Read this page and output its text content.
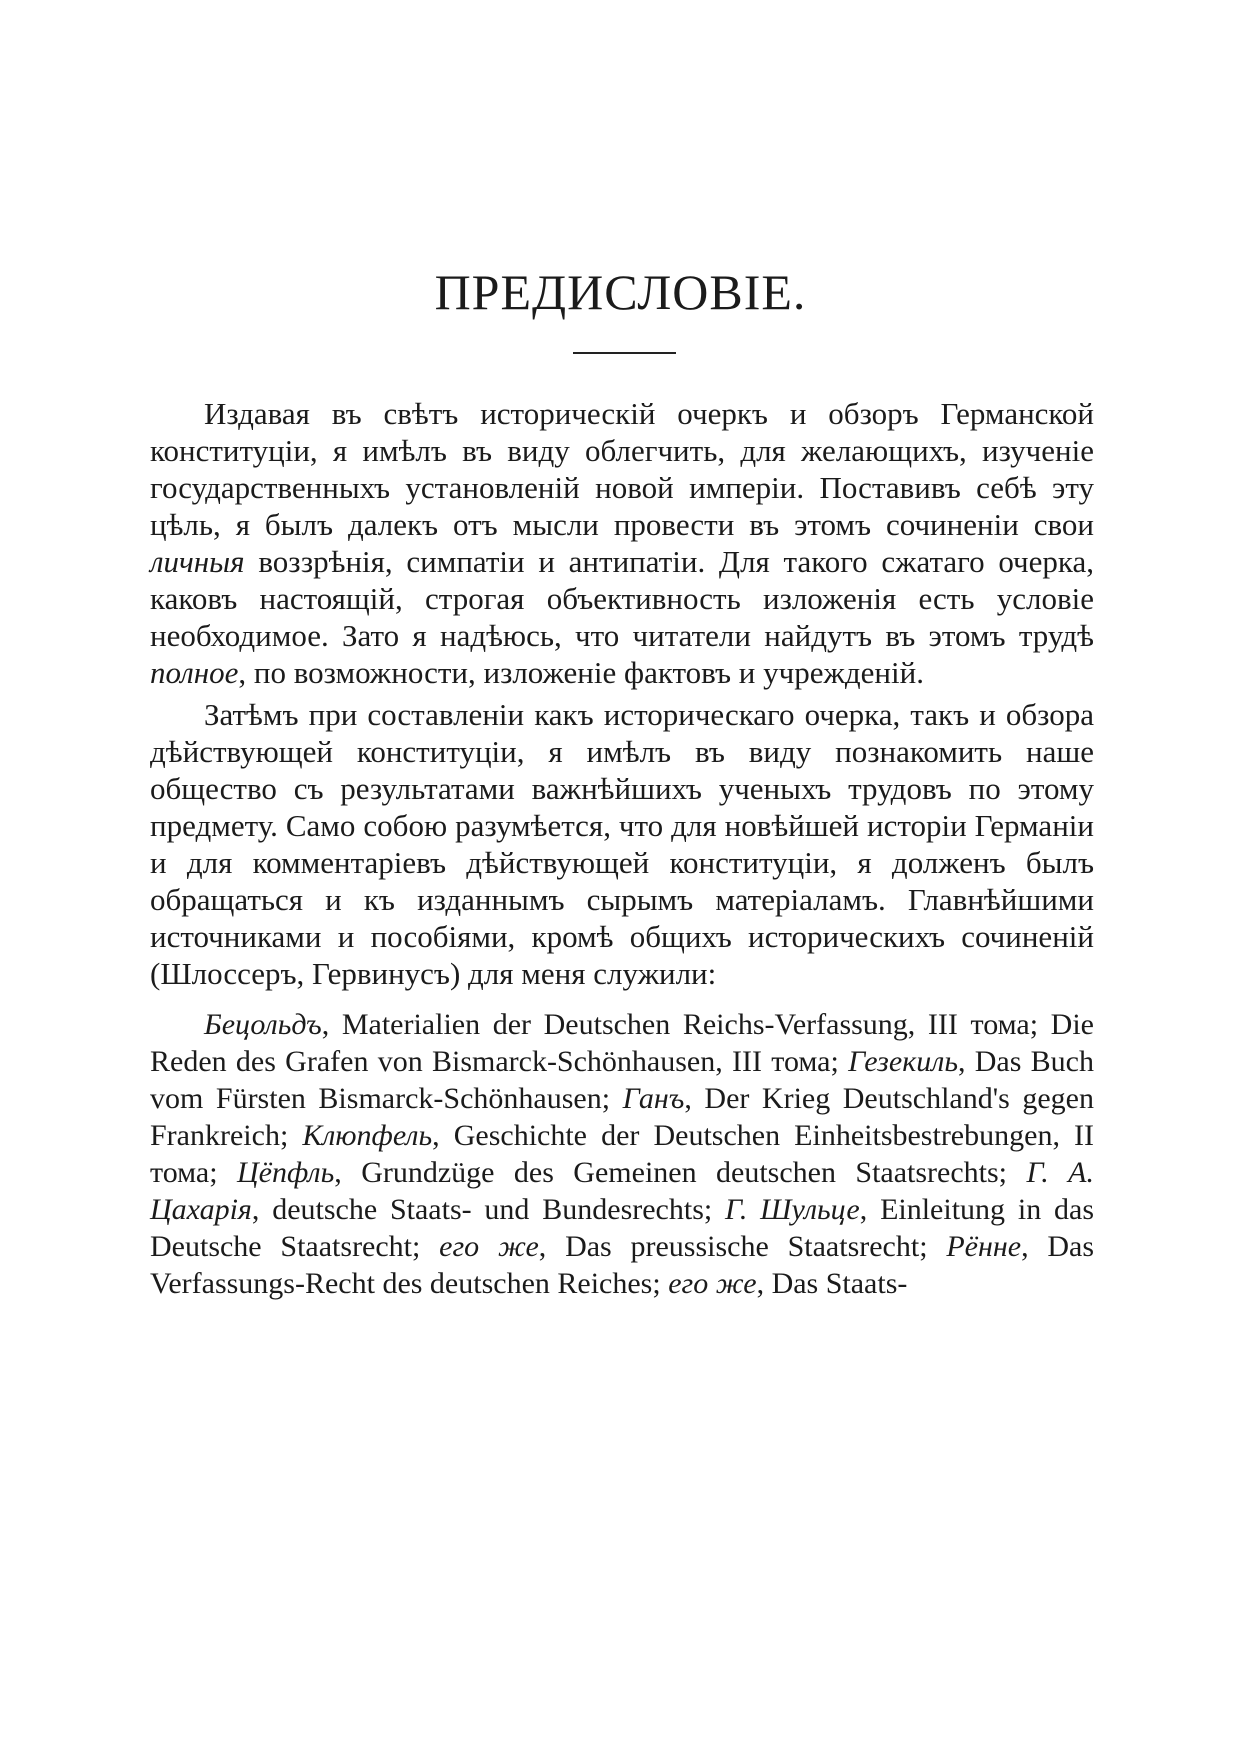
ПРЕДИСЛОВІЕ.

Издавая въ свѣтъ историческій очеркъ и обзоръ Германской конституціи, я имѣлъ въ виду облегчить, для желающихъ, изученіе государственныхъ установленій новой имперіи. Поставивъ себѣ эту цѣль, я былъ далекъ отъ мысли провести въ этомъ сочиненіи свои личныя воззрѣнія, симпатіи и антипатіи. Для такого сжатаго очерка, каковъ настоящій, строгая объективность изложенія есть условіе необходимое. Зато я надѣюсь, что читатели найдутъ въ этомъ трудѣ полное, по возможности, изложеніе фактовъ и учрежденій.

Затѣмъ при составленіи какъ историческаго очерка, такъ и обзора дѣйствующей конституціи, я имѣлъ въ виду познакомить наше общество съ результатами важнѣйшихъ ученыхъ трудовъ по этому предмету. Само собою разумѣется, что для новѣйшей исторіи Германіи и для комментаріевъ дѣйствующей конституціи, я долженъ былъ обращаться и къ изданнымъ сырымъ матеріаламъ. Главнѣйшими источниками и пособіями, кромѣ общихъ историческихъ сочиненій (Шлоссеръ, Гервинусъ) для меня служили:

Бецольдъ, Materialien der Deutschen Reichs-Verfassung, III тома; Die Reden des Grafen von Bismarck-Schönhausen, III тома; Гезекиль, Das Buch vom Fürsten Bismarck-Schönhausen; Ганъ, Der Krieg Deutschland's gegen Frankreich; Клюпфель, Geschichte der Deutschen Einheitsbestrebungen, II тома; Цёпфль, Grundzüge des Gemeinen deutschen Staatsrechts; Г. А. Цахарія, deutsche Staats- und Bundesrechts; Г. Шульце, Einleitung in das Deutsche Staatsrecht; его же, Das preussische Staatsrecht; Рённе, Das Verfassungs-Recht des deutschen Reiches; его же, Das Staats-
